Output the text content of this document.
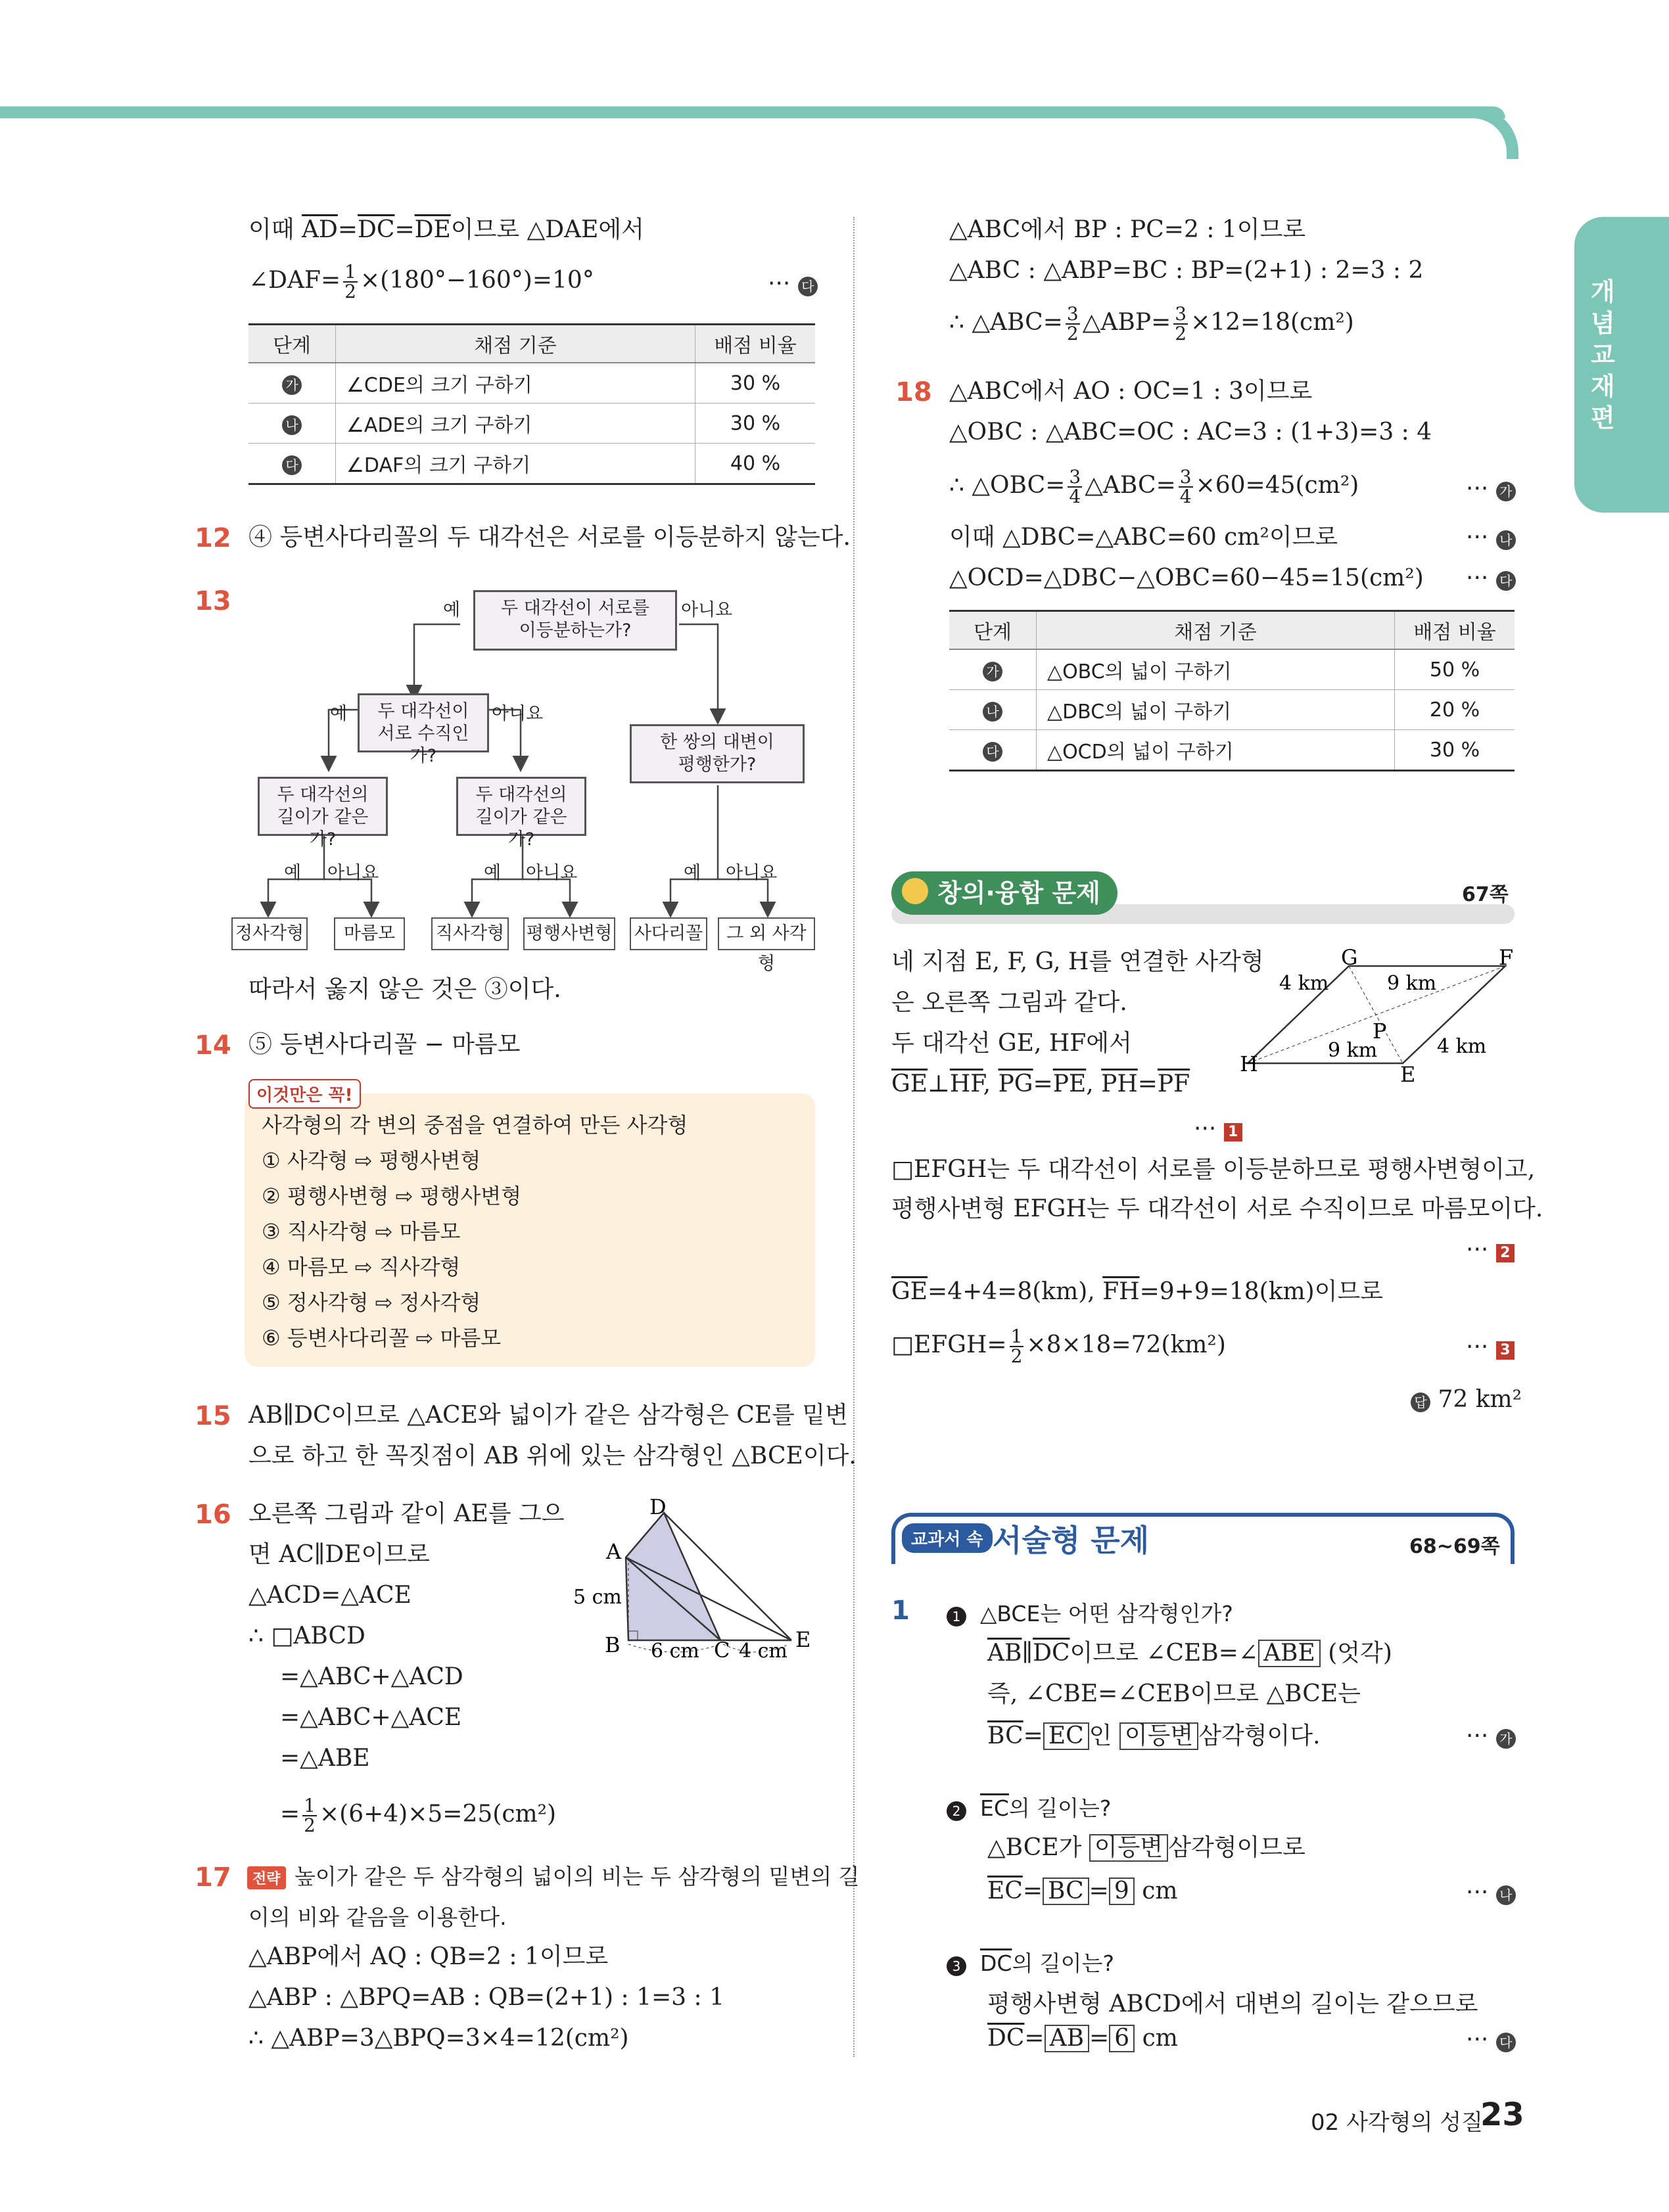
개념교재편
이때 $\overline{AD}=\overline{DC}=\overline{DE}$이므로 △DAE에서
∠DAF= $\frac{1}{2} \times(180^\circ-160^\circ)=10^\circ$	··· 다
단계	채점 기준	배점 비율
가	∠CDE의 크기 구하기	30 %
나	∠ADE의 크기 구하기	30 %
다	∠DAF의 크기 구하기	40 %
12 ④ 등변사다리꼴의 두 대각선은 서로를 이등분하지 않는다.
13	두 대각선이 서로를 이등분하는가?
예	아니요
두 대각선이 서로 수직인가?
예	아니요
한 쌍의 대변이 평행한가?
두 대각선의 길이가 같은가?
두 대각선의 길이가 같은가?
예 아니요	예 아니요	예 아니요
정사각형	마름모	직사각형 평행사변형 사다리꼴	그 외 사각형
따라서 옳지 않은 것은 ③이다.
14 ⑤ 등변사다리꼴 − 마름모
이것만은 꼭!
사각형의 각 변의 중점을 연결하여 만든 사각형
① 사각형 ⇨ 평행사변형
② 평행사변형 ⇨ 평행사변형
③ 직사각형 ⇨ 마름모
④ 마름모 ⇨ 직사각형
⑤ 정사각형 ⇨ 정사각형
⑥ 등변사다리꼴 ⇨ 마름모
15 AB∥DC이므로 △ACE와 넓이가 같은 삼각형은 CE를 밑변
으로 하고 한 꼭짓점이 AB 위에 있는 삼각형인 △BCE이다.
16 오른쪽 그림과 같이 AE를 그으
면 AC∥DE이므로
△ACD=△ACE
∴ □ABCD
=△ABC+△ACD
=△ABC+△ACE
=△ABE
= $\frac{1}{2} \times(6+4)\times 5=25(cm^2)$
D
A
B	C	E
5 cm
6 cm 4 cm
17	전략 높이가 같은 두 삼각형의 넓이의 비는 두 삼각형의 밑변의 길
이의 비와 같음을 이용한다.
△ABP에서 AQ : QB=2 : 1이므로
△ABP : △BPQ=AB : QB=(2+1) : 1=3 : 1
∴ △ABP=3△BPQ=3×4=12(cm²)
△ABC에서 BP : PC=2 : 1이므로
△ABC : △ABP=BC : BP=(2+1) : 2=3 : 2
∴ △ABC= $\frac{3}{2}$ △ABP= $\frac{3}{2} \times 12=18(cm^2)$
18 △ABC에서 AO : OC=1 : 3이므로
△OBC : △ABC=OC : AC=3 : (1+3)=3 : 4
∴ △OBC= $\frac{3}{4}$ △ABC= $\frac{3}{4} \times 60=45(cm^2)$	··· 가
이때 △DBC=△ABC=60 cm²이므로	··· 나
△OCD=△DBC−△OBC=60−45=15(cm²) ··· 다
단계	채점 기준	배점 비율
가	△OBC의 넓이 구하기	50 %
나	△DBC의 넓이 구하기	20 %
다	△OCD의 넓이 구하기	30 %
창의·융합 문제	67쪽
네 지점 E, F, G, H를 연결한 사각형
은 오른쪽 그림과 같다.
두 대각선 GE, HF에서
$\overline{GE}\perp\overline{HF}$, $\overline{PG}=\overline{PE}$, $\overline{PH}=\overline{PF}$
··· 1
G	F
H	E
P
4 km	9 km
9 km	4 km
□EFGH는 두 대각선이 서로를 이등분하므로 평행사변형이고,
평행사변형 EFGH는 두 대각선이 서로 수직이므로 마름모이다.
··· 2
$\overline{GE}=4+4=8(km)$, $\overline{FH}=9+9=18(km)$이므로
□EFGH= $\frac{1}{2} \times 8\times 18=72(km^2)$	··· 3
답 72 km²
교과서 속 서술형 문제	68~69쪽
1	1 △BCE는 어떤 삼각형인가?
$\overline{AB}\parallel\overline{DC}$이므로 ∠CEB=∠ ABE (엇각)
즉, ∠CBE=∠CEB이므로 △BCE는
$\overline{BC}=$ EC 인 이등변 삼각형이다.	··· 가
2 $\overline{EC}$의 길이는?
△BCE가 이등변 삼각형이므로
$\overline{EC}=$ BC = 9 cm	··· 나
3 $\overline{DC}$의 길이는?
평행사변형 ABCD에서 대변의 길이는 같으므로
$\overline{DC}=$ AB = 6 cm	··· 다
02 사각형의 성질
23
